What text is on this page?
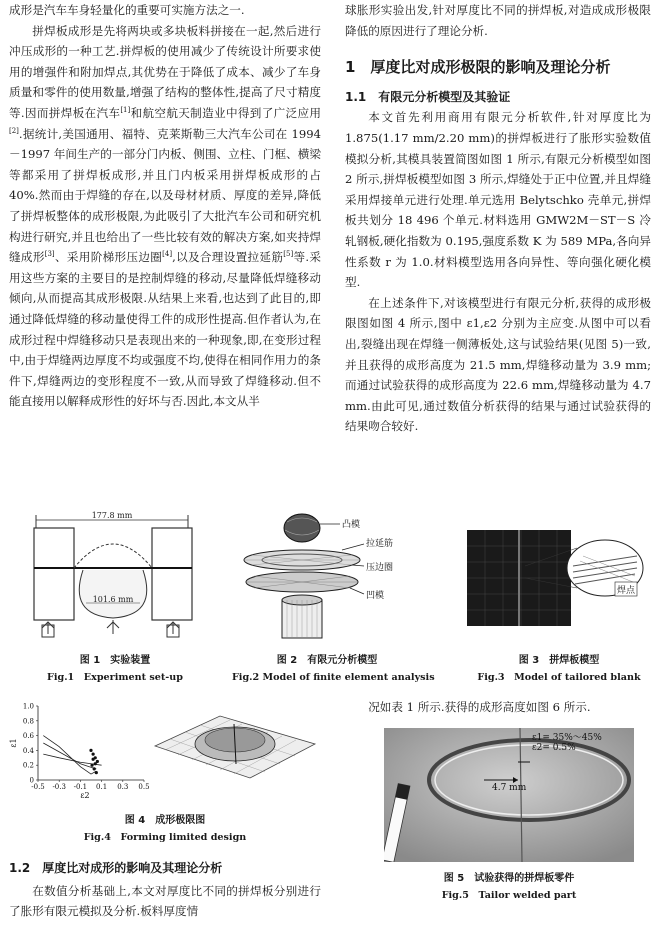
成形是汽车车身轻量化的重要可实施方法之一.

拼焊板成形是先将两块或多块板料拼接在一起,然后进行冲压成形的一种工艺.拼焊板的使用减少了传统设计所要求使用的增强件和附加焊点,其优势在于降低了成本、减少了车身质量和零件的使用数量,增强了结构的整体性,提高了尺寸精度等.因而拼焊板在汽车[1]和航空航天制造业中得到了广泛应用[2].据统计,美国通用、福特、克莱斯勒三大汽车公司在 1994－1997 年间生产的一部分门内板、侧围、立柱、门框、横梁等都采用了拼焊板成形,并且门内板采用拼焊板成形的占 40%.然而由于焊缝的存在,以及母材材质、厚度的差异,降低了拼焊板整体的成形极限,为此吸引了大批汽车公司和研究机构进行研究,并且也给出了一些比较有效的解决方案,如夹持焊缝成形[3]、采用阶梯形压边圈[4],以及合理设置拉延筋[5]等.采用这些方案的主要目的是控制焊缝的移动,尽量降低焊缝移动倾向,从而提高其成形极限.从结果上来看,也达到了此目的,即通过降低焊缝的移动量使得工件的成形性提高.但作者认为,在成形过程中焊缝移动只是表现出来的一种现象,即,在变形过程中,由于焊缝两边厚度不均或强度不均,使得在相同作用力的条件下,焊缝两边的变形程度不一致,从而导致了焊缝移动.但不能直接用以解释成形性的好坏与否.因此,本文从半

球胀形实验出发,针对厚度比不同的拼焊板,对造成成形极限降低的原因进行了理论分析.

1　厚度比对成形极限的影响及理论分析
1.1　有限元分析模型及其验证

本文首先利用商用有限元分析软件,针对厚度比为 1.875(1.17 mm/2.20 mm)的拼焊板进行了胀形实验数值模拟分析,其模具装置简图如图 1 所示,有限元分析模型如图 2 所示,拼焊板模型如图 3 所示,焊缝处于正中位置,并且焊缝采用焊接单元进行处理.单元选用 Belytschko 壳单元,拼焊板共划分 18 496 个单元.材料选用 GMW2M－ST－S 冷轧钢板,硬化指数为 0.195,强度系数 K 为 589 MPa,各向异性系数 r 为 1.0.材料模型选用各向异性、等向强化硬化模型.

在上述条件下,对该模型进行有限元分析,获得的成形极限图如图 4 所示,图中 ε1,ε2 分别为主应变.从图中可以看出,裂缝出现在焊缝一侧薄板处,这与试验结果(见图 5)一致,并且获得的成形高度为 21.5 mm,焊缝移动量为 3.9 mm;而通过试验获得的成形高度为 22.6 mm,焊缝移动量为 4.7 mm.由此可见,通过数值分析获得的结果与通过试验获得的结果吻合较好.

177.8 mm
101.6 mm
凸模
拉延筋
压边圈
凹模	焊点
图 1　实验装置
Fig.1　Experiment set-up
图 2　有限元分析模型
Fig.2 Model of finite element analysis
图 3　拼焊板模型
Fig.3　Model of tailored blank
0
0.2
0.4
0.6
0.8
1.0
-0.5 -0.3 -0.1 0.1 0.3 0.5
ε1
ε2
图 4　成形极限图
Fig.4　Forming limited design
1.2　厚度比对成形的影响及其理论分析

在数值分析基础上,本文对厚度比不同的拼焊板分别进行了胀形有限元模拟及分析.板料厚度情

况如表 1 所示.获得的成形高度如图 6 所示.

ε1= 35%～45%
ε2= 0.5%
4.7 mm
图 5　试验获得的拼焊板零件
Fig.5　Tailor welded part
